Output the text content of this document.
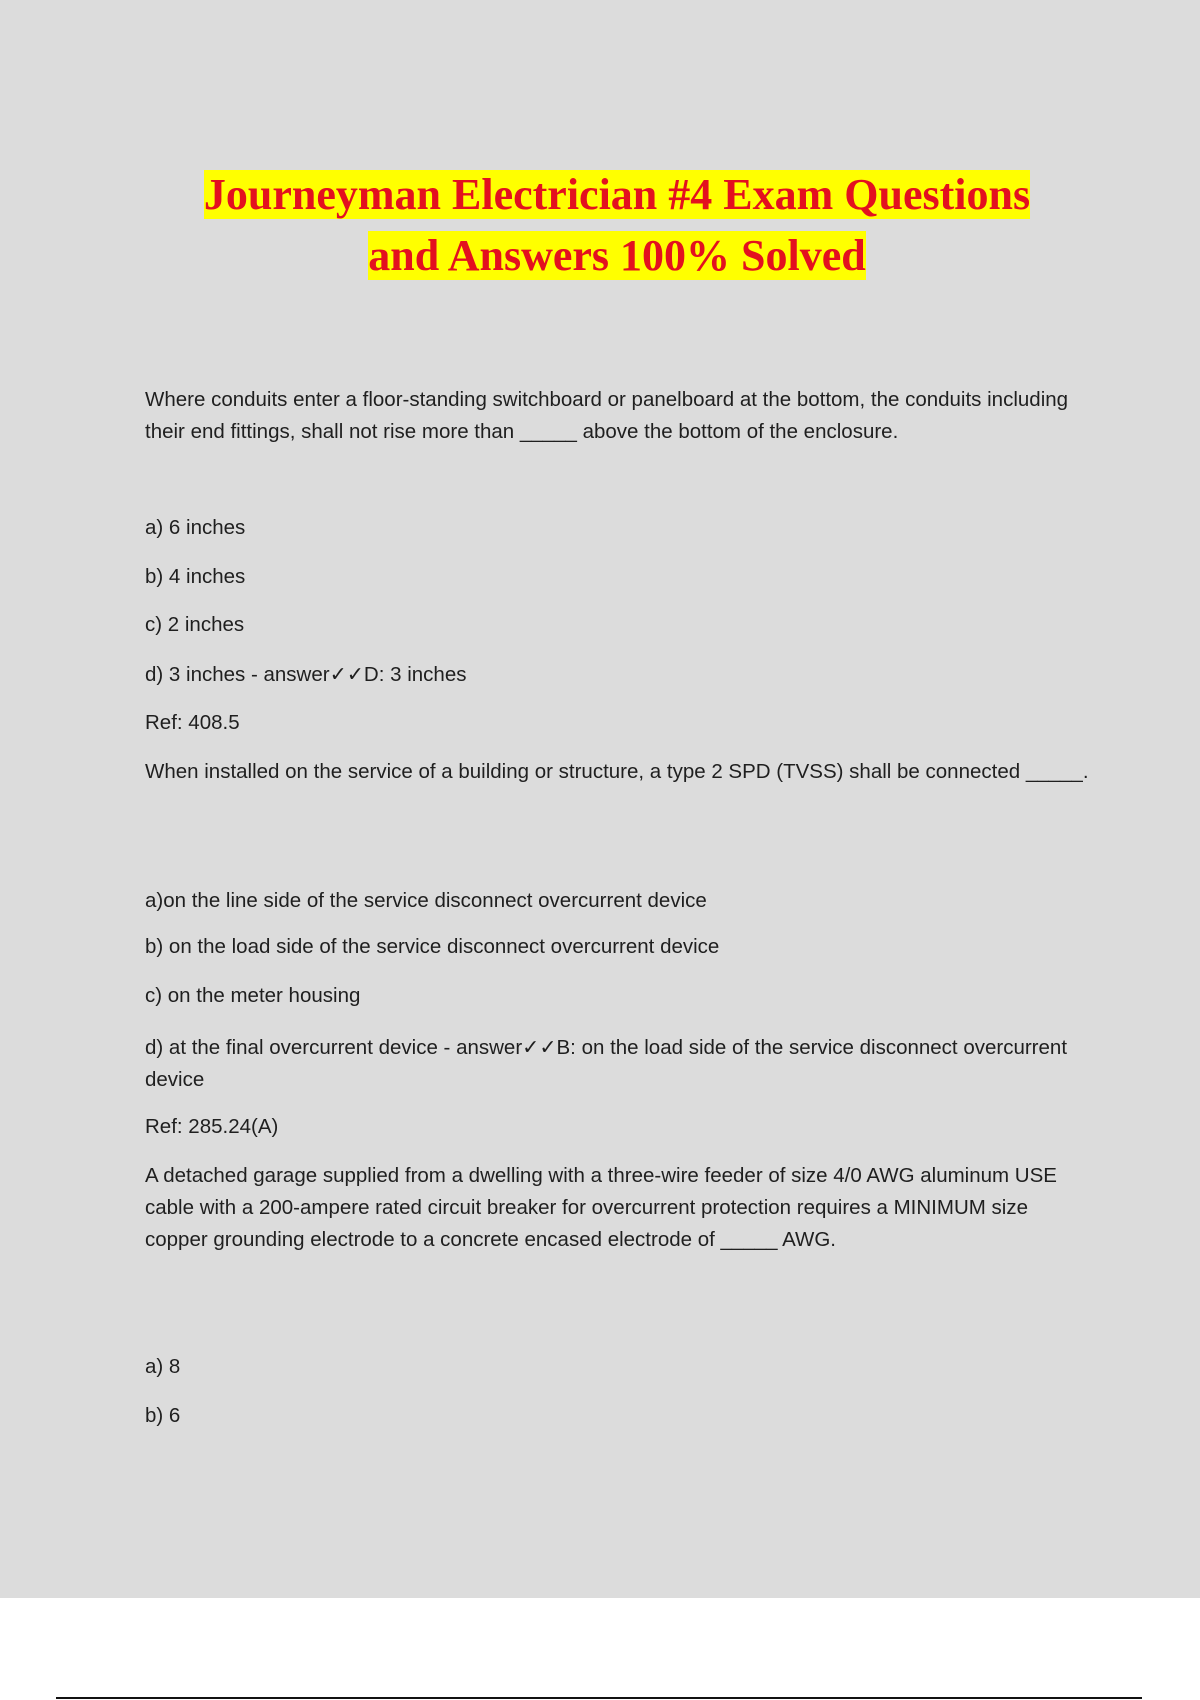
Journeyman Electrician #4 Exam Questions
and Answers 100% Solved

Where conduits enter a floor-standing switchboard or panelboard at the bottom, the conduits including their end fittings, shall not rise more than _____ above the bottom of the enclosure.

a) 6 inches

b) 4 inches

c) 2 inches

d) 3 inches - answer✓✓D: 3 inches

Ref: 408.5

When installed on the service of a building or structure, a type 2 SPD (TVSS) shall be connected _____.

a)on the line side of the service disconnect overcurrent device

b) on the load side of the service disconnect overcurrent device

c) on the meter housing

d) at the final overcurrent device - answer✓✓B: on the load side of the service disconnect overcurrent device

Ref: 285.24(A)

A detached garage supplied from a dwelling with a three-wire feeder of size 4/0 AWG aluminum USE cable with a 200-ampere rated circuit breaker for overcurrent protection requires a MINIMUM size copper grounding electrode to a concrete encased electrode of _____ AWG.

a) 8

b) 6
